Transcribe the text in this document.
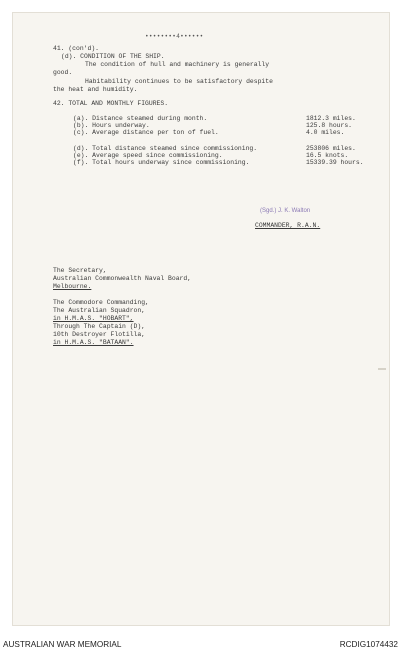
••••••••4••••••
41. (con'd).
(d). CONDITION OF THE SHIP.
The condition of hull and machinery is generally
good.
Habitability continues to be satisfactory despite
the heat and humidity.
42. TOTAL AND MONTHLY FIGURES.
(a). Distance steamed during month.	1812.3 miles.
(b). Hours underway.	125.8 hours.
(c). Average distance per ton of fuel.	4.0 miles.
(d). Total distance steamed since commissioning.	253806 miles.
(e). Average speed since commissioning.	16.5 knots.
(f). Total hours underway since commissioning.	15339.39 hours.
(Sgd.) J. K. Walton
COMMANDER, R.A.N.
The Secretary,
Australian Commonwealth Naval Board,
Melbourne.
The Commodore Commanding,
The Australian Squadron,
in H.M.A.S. "HOBART",
Through The Captain (D),
10th Destroyer Flotilla,
in H.M.A.S. "BATAAN".
AUSTRALIAN WAR MEMORIAL	RCDIG1074432
